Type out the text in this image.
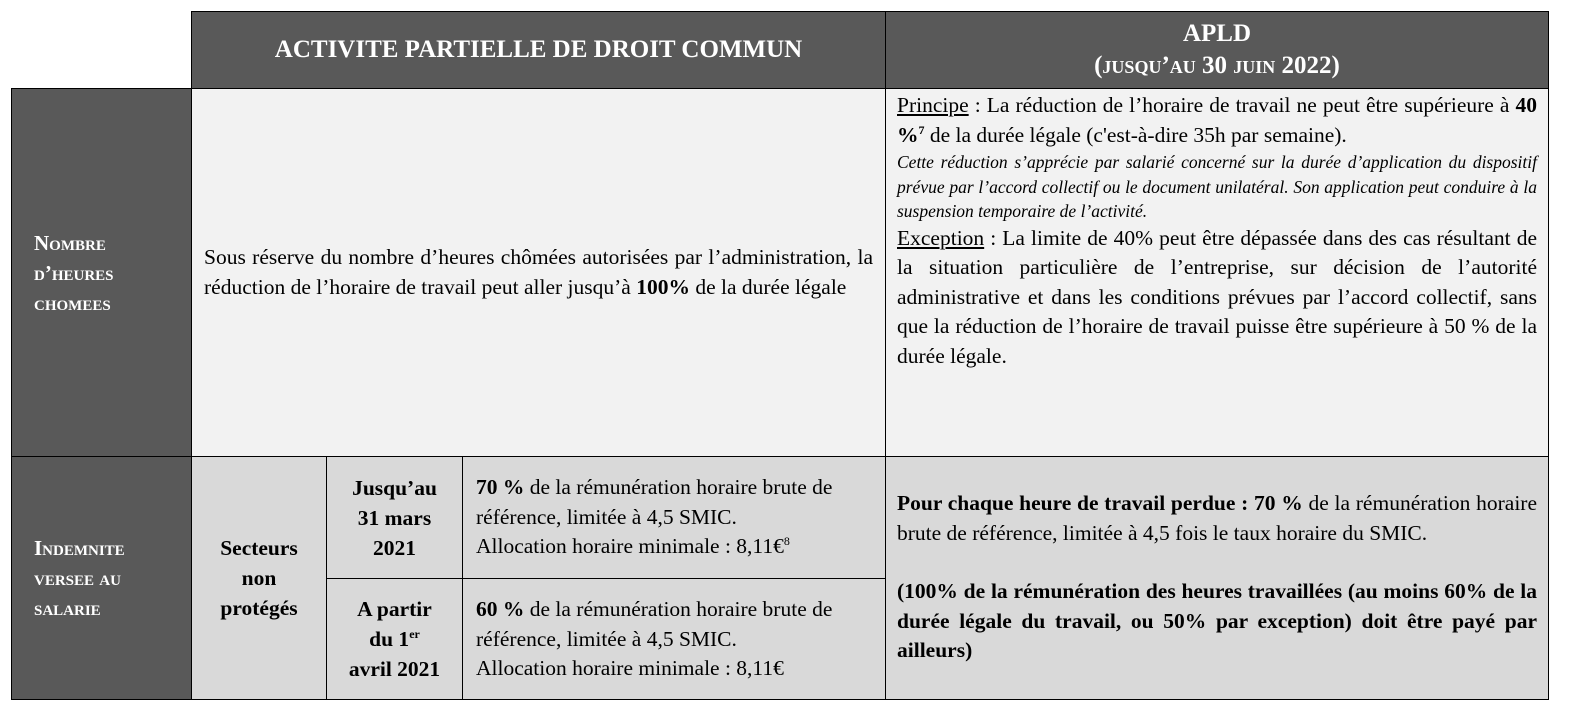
ACTIVITE PARTIELLE DE DROIT COMMUN
APLD
(jusqu’au 30 juin 2022)
Nombre
d’heures
chomees
Sous réserve du nombre d’heures chômées autorisées par l’administration, la réduction de l’horaire de travail peut aller jusqu’à 100% de la durée légale
Principe : La réduction de l’horaire de travail ne peut être supérieure à 40 %$^7$ de la durée légale (c'est-à-dire 35h par semaine).
Cette réduction s’apprécie par salarié concerné sur la durée d’application du dispositif prévue par l’accord collectif ou le document unilatéral. Son application peut conduire à la suspension temporaire de l’activité.
Exception : La limite de 40% peut être dépassée dans des cas résultant de la situation particulière de l’entreprise, sur décision de l’autorité administrative et dans les conditions prévues par l’accord collectif, sans que la réduction de l’horaire de travail puisse être supérieure à 50 % de la durée légale.
Indemnite
versee au
salarie
Secteurs
non
protégés
Jusqu’au
31 mars
2021
70 % de la rémunération horaire brute de référence, limitée à 4,5 SMIC.
Allocation horaire minimale : 8,11€$^8$
A partir
du 1er
avril 2021
60 % de la rémunération horaire brute de référence, limitée à 4,5 SMIC.
Allocation horaire minimale : 8,11€
Pour chaque heure de travail perdue : 70 % de la rémunération horaire brute de référence, limitée à 4,5 fois le taux horaire du SMIC.
(100% de la rémunération des heures travaillées (au moins 60% de la durée légale du travail, ou 50% par exception) doit être payé par ailleurs)
